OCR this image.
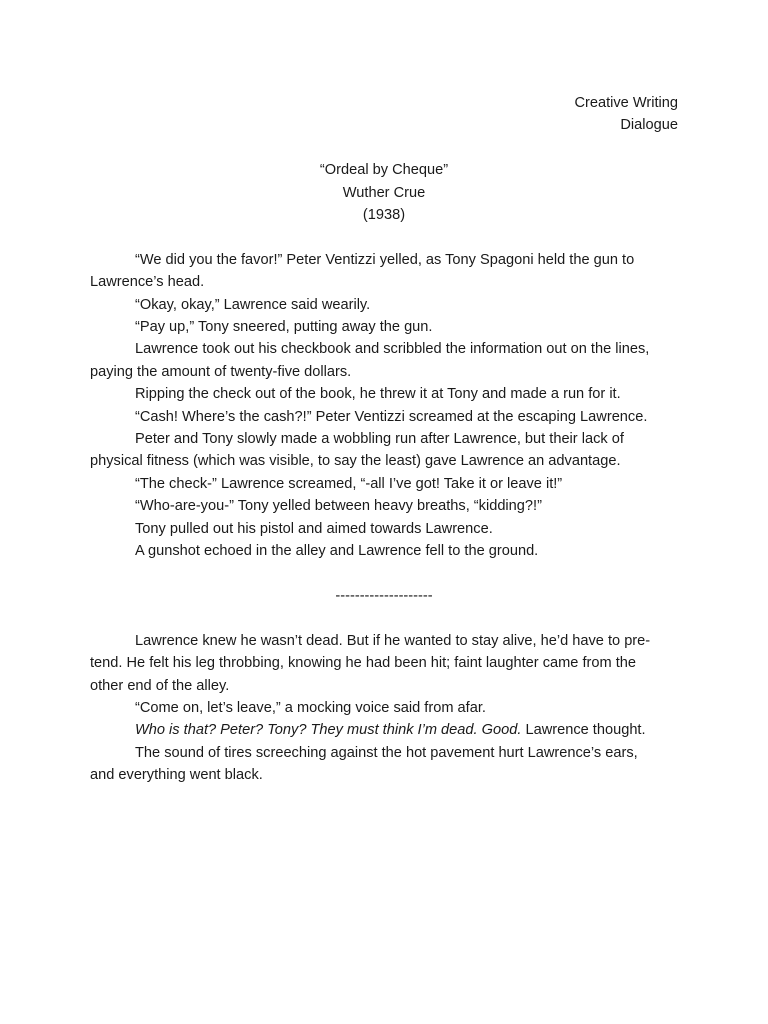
Creative Writing
Dialogue
“Ordeal by Cheque”
Wuther Crue
(1938)

“We did you the favor!” Peter Ventizzi yelled, as Tony Spagoni held the gun to

Lawrence’s head.

“Okay, okay,” Lawrence said wearily.

“Pay up,” Tony sneered, putting away the gun.

Lawrence took out his checkbook and scribbled the information out on the lines,

paying the amount of twenty-five dollars.

Ripping the check out of the book, he threw it at Tony and made a run for it.

“Cash! Where’s the cash?!” Peter Ventizzi screamed at the escaping Lawrence.

Peter and Tony slowly made a wobbling run after Lawrence, but their lack of

physical fitness (which was visible, to say the least) gave Lawrence an advantage.

“The check-” Lawrence screamed, “-all I’ve got! Take it or leave it!”

“Who-are-you-” Tony yelled between heavy breaths, “kidding?!”

Tony pulled out his pistol and aimed towards Lawrence.

A gunshot echoed in the alley and Lawrence fell to the ground.

--------------------

Lawrence knew he wasn’t dead. But if he wanted to stay alive, he’d have to pre-

tend. He felt his leg throbbing, knowing he had been hit; faint laughter came from the
other end of the alley.

“Come on, let’s leave,” a mocking voice said from afar.

Who is that? Peter? Tony? They must think I’m dead. Good. Lawrence thought.

The sound of tires screeching against the hot pavement hurt Lawrence’s ears,

and everything went black.
